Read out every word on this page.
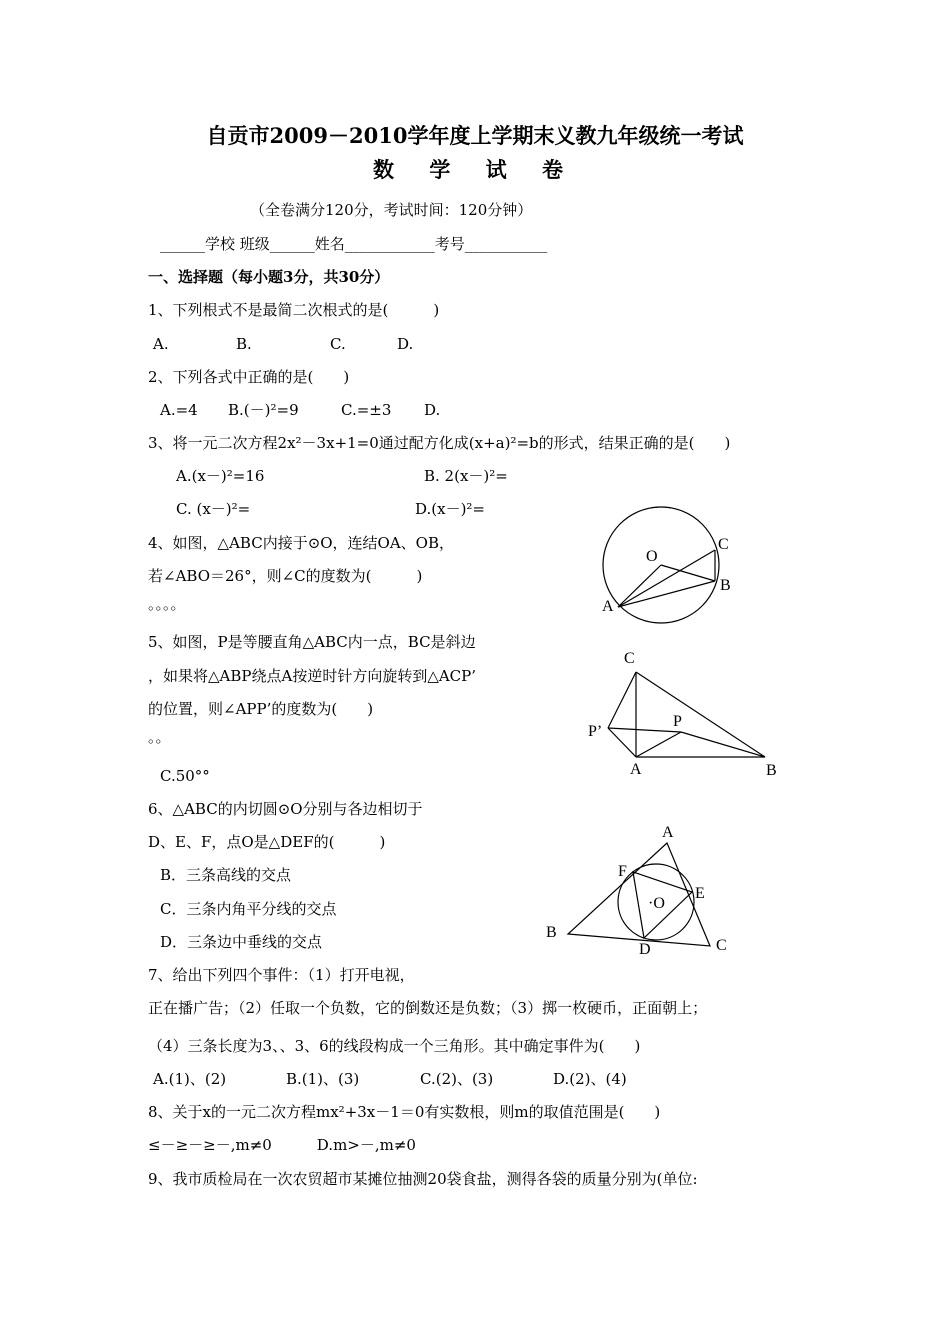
自贡市2009－2010学年度上学期末义教九年级统一考试
数 学 试 卷
（全卷满分120分，考试时间：120分钟）
______学校 班级______姓名____________考号___________
一、选择题（每小题3分，共30分）
1、下列根式不是最简二次根式的是(　　　)
A.	B.	C.	D.
2、下列各式中正确的是(　　)
A.=4 B.(－)²=9	C.=±3 D.
3、将一元二次方程2x²－3x+1=0通过配方化成(x+a)²=b的形式，结果正确的是(　　)
A.(x－)²=16	B. 2(x－)²=
C. (x－)²=	D.(x－)²=
4、如图，△ABC内接于⊙O，连结OA、OB，
若∠ABO＝26°，则∠C的度数为(　　　)
。。。。
O
C
B
A
5、如图，P是等腰直角△ABC内一点，BC是斜边
，如果将△ABP绕点A按逆时针方向旋转到△ACP’
的位置，则∠APP’的度数为(　　)
。。
C.50°°
C
P’
P
A	B
6、△ABC的内切圆⊙O分别与各边相切于
D、E、F，点O是△DEF的(　　　)
B．三条高线的交点
C．三条内角平分线的交点
D．三条边中垂线的交点
A
F
E
·O
B
D	C
7、给出下列四个事件：（1）打开电视，
正在播广告；（2）任取一个负数，它的倒数还是负数；（3）掷一枚硬币，正面朝上；
（4）三条长度为3、、3、6的线段构成一个三角形。其中确定事件为(　　)
A.(1)、(2)	B.(1)、(3)	C.(2)、(3)	D.(2)、(4)
8、关于x的一元二次方程mx²+3x－1＝0有实数根，则m的取值范围是(　　)
≤－≥－≥－,m≠0　　　D.m>－,m≠0
9、我市质检局在一次农贸超市某摊位抽测20袋食盐，测得各袋的质量分别为(单位:
